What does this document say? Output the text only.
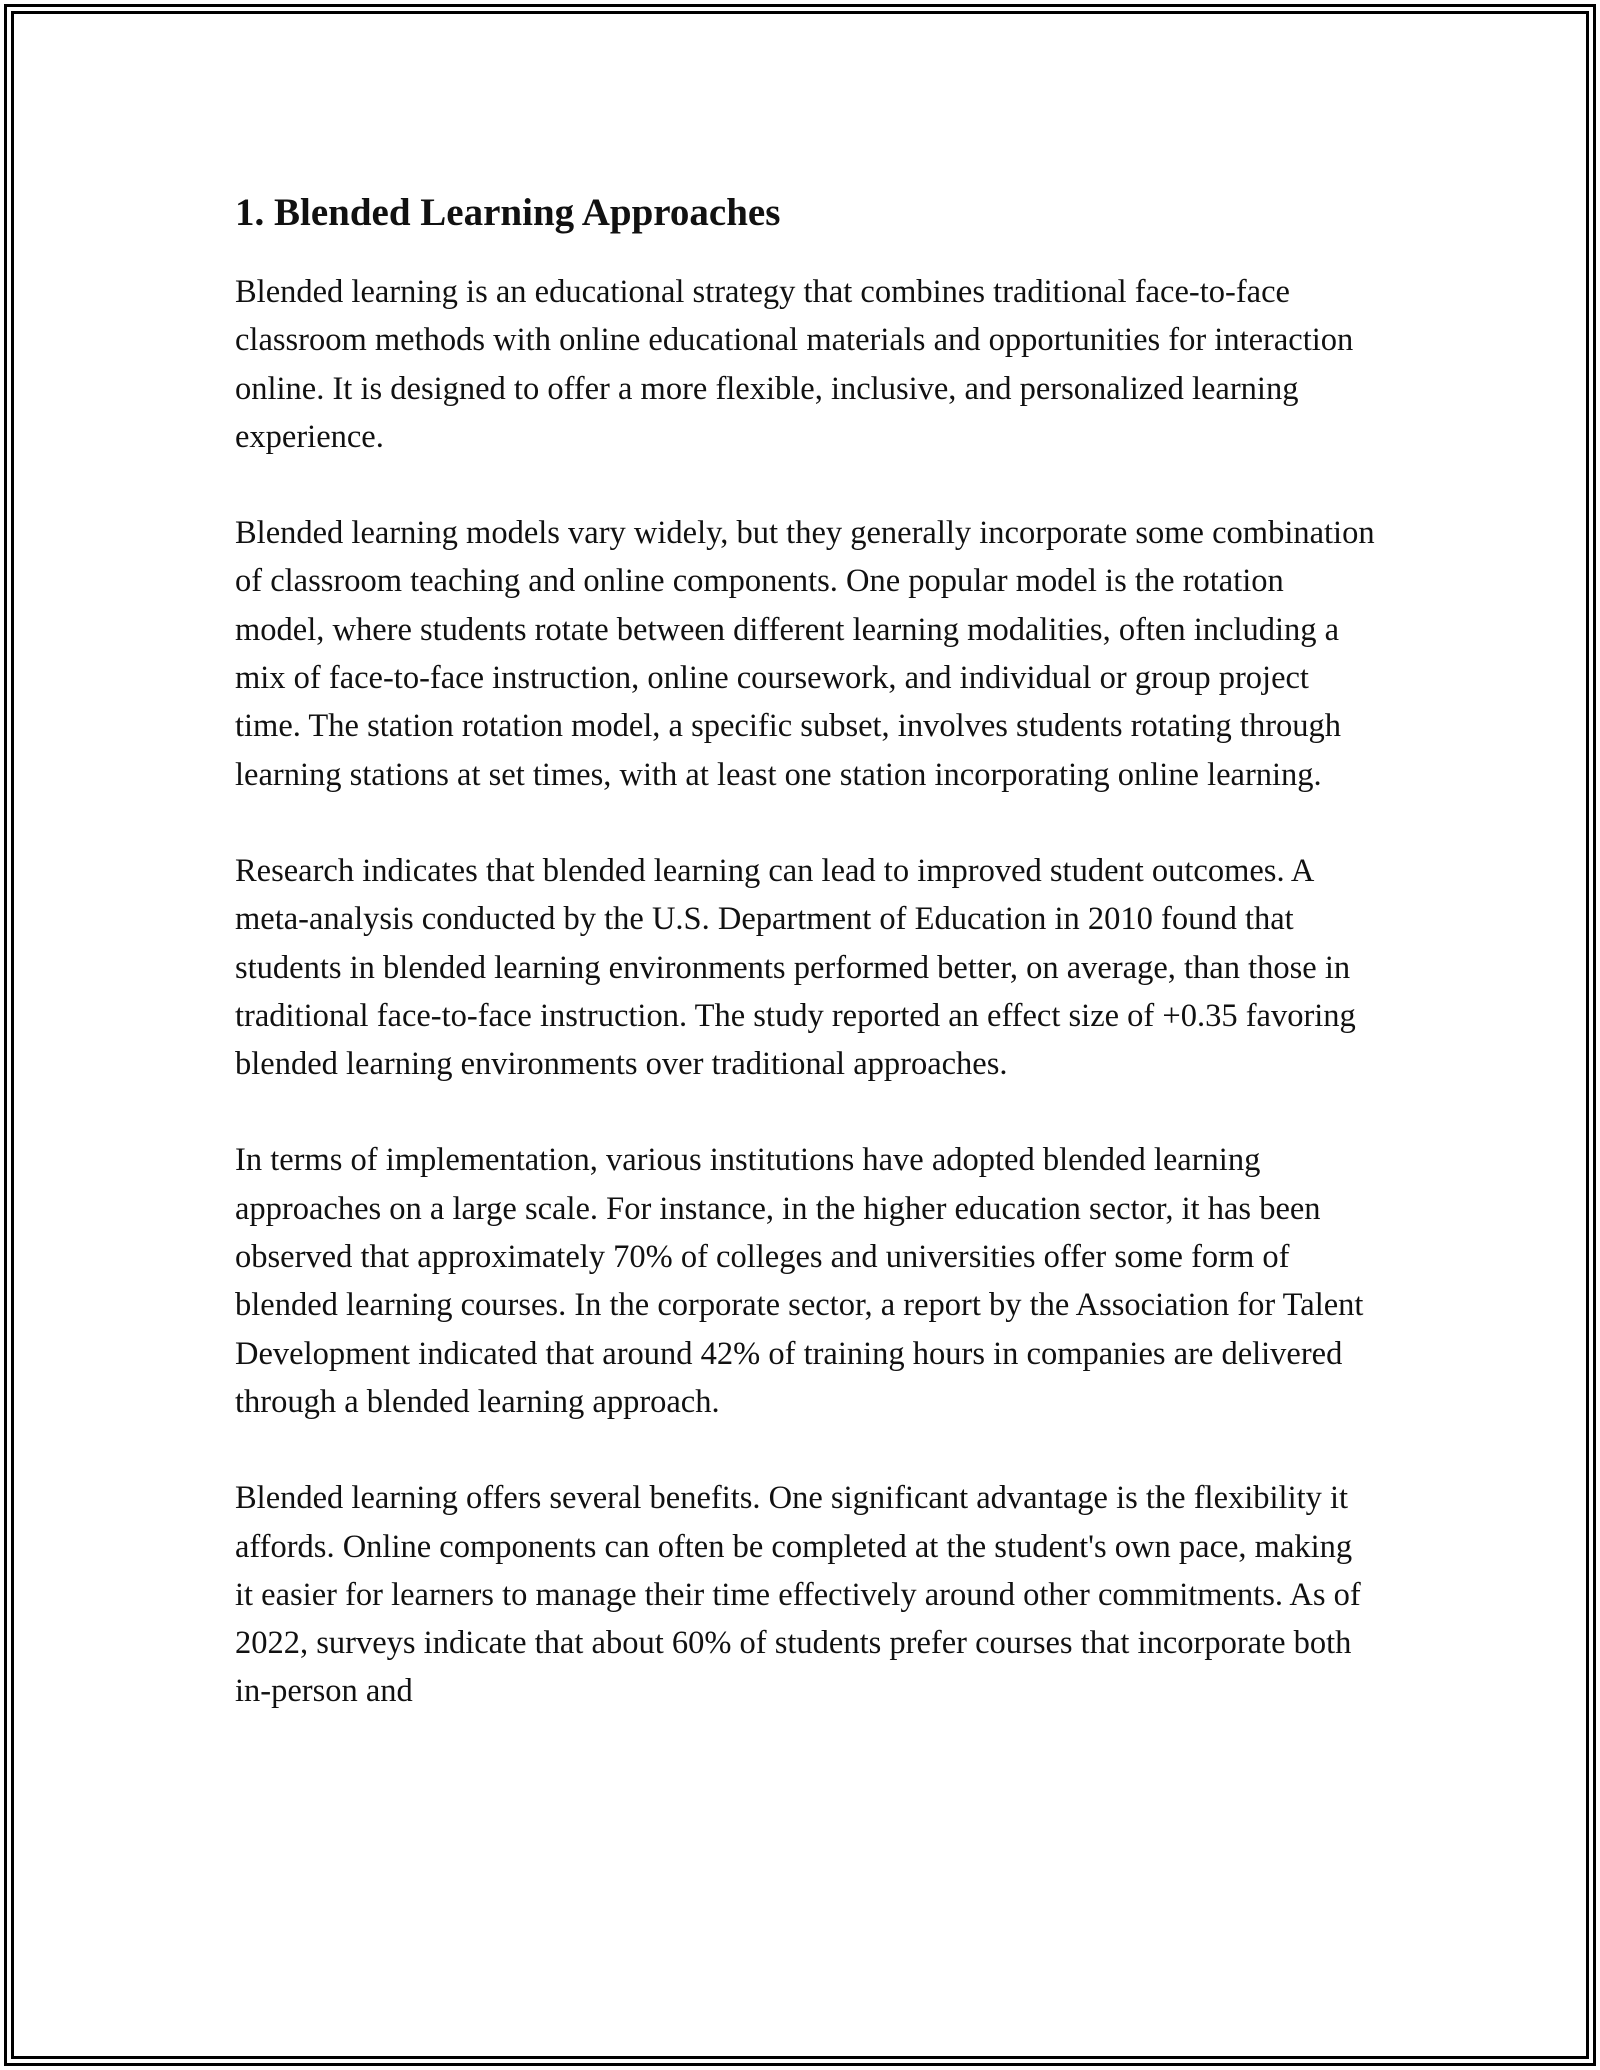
1. Blended Learning Approaches

Blended learning is an educational strategy that combines traditional face-to-face classroom methods with online educational materials and opportunities for interaction online. It is designed to offer a more flexible, inclusive, and personalized learning experience.

Blended learning models vary widely, but they generally incorporate some combination of classroom teaching and online components. One popular model is the rotation model, where students rotate between different learning modalities, often including a mix of face-to-face instruction, online coursework, and individual or group project time. The station rotation model, a specific subset, involves students rotating through learning stations at set times, with at least one station incorporating online learning.

Research indicates that blended learning can lead to improved student outcomes. A meta-analysis conducted by the U.S. Department of Education in 2010 found that students in blended learning environments performed better, on average, than those in traditional face-to-face instruction. The study reported an effect size of +0.35 favoring blended learning environments over traditional approaches.

In terms of implementation, various institutions have adopted blended learning approaches on a large scale. For instance, in the higher education sector, it has been observed that approximately 70% of colleges and universities offer some form of blended learning courses. In the corporate sector, a report by the Association for Talent Development indicated that around 42% of training hours in companies are delivered through a blended learning approach.

Blended learning offers several benefits. One significant advantage is the flexibility it affords. Online components can often be completed at the student's own pace, making it easier for learners to manage their time effectively around other commitments. As of 2022, surveys indicate that about 60% of students prefer courses that incorporate both in-person and
